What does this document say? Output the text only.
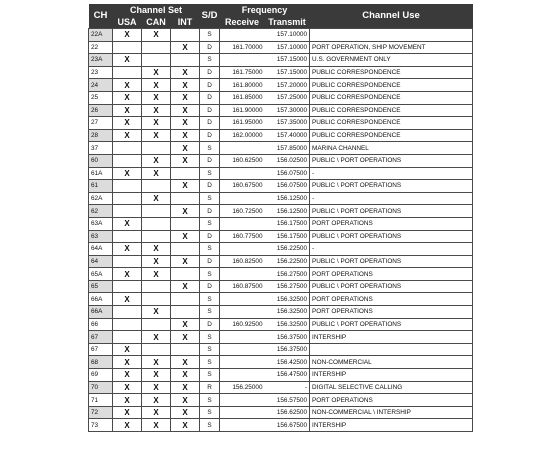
CH	Channel Set			S/D	Frequency		Channel Use
	USA	CAN	INT		Receive	Transmit	
22A	X	X		S		157.10000	
22			X	D	161.70000	157.10000	PORT OPERATION, SHIP MOVEMENT
23A	X			S		157.15000	U.S. GOVERNMENT ONLY
23		X	X	D	161.75000	157.15000	PUBLIC CORRESPONDENCE
24	X	X	X	D	161.80000	157.20000	PUBLIC CORRESPONDENCE
25	X	X	X	D	161.85000	157.25000	PUBLIC CORRESPONDENCE
26	X	X	X	D	161.90000	157.30000	PUBLIC CORRESPONDENCE
27	X	X	X	D	161.95000	157.35000	PUBLIC CORRESPONDENCE
28	X	X	X	D	162.00000	157.40000	PUBLIC CORRESPONDENCE
37			X	S		157.85000	MARINA CHANNEL
60		X	X	D	160.62500	156.02500	PUBLIC \ PORT OPERATIONS
61A	X	X		S		156.07500	-
61			X	D	160.67500	156.07500	PUBLIC \ PORT OPERATIONS
62A		X		S		156.12500	-
62			X	D	160.72500	156.12500	PUBLIC \ PORT OPERATIONS
63A	X			S		156.17500	PORT OPERATIONS
63			X	D	160.77500	156.17500	PUBLIC \ PORT OPERATIONS
64A	X	X		S		156.22500	-
64		X	X	D	160.82500	156.22500	PUBLIC \ PORT OPERATIONS
65A	X	X		S		156.27500	PORT OPERATIONS
65			X	D	160.87500	156.27500	PUBLIC \ PORT OPERATIONS
66A	X			S		156.32500	PORT OPERATIONS
66A		X		S		156.32500	PORT OPERATIONS
66			X	D	160.92500	156.32500	PUBLIC \ PORT OPERATIONS
67		X	X	S		156.37500	INTERSHIP
67	X			S		156.37500	
68	X	X	X	S		156.42500	NON-COMMERCIAL
69	X	X	X	S		156.47500	INTERSHIP
70	X	X	X	R	156.25000	-	DIGITAL SELECTIVE CALLING
71	X	X	X	S		156.57500	PORT OPERATIONS
72	X	X	X	S		156.62500	NON-COMMERCIAL \ INTERSHIP
73	X	X	X	S		156.67500	INTERSHIP
